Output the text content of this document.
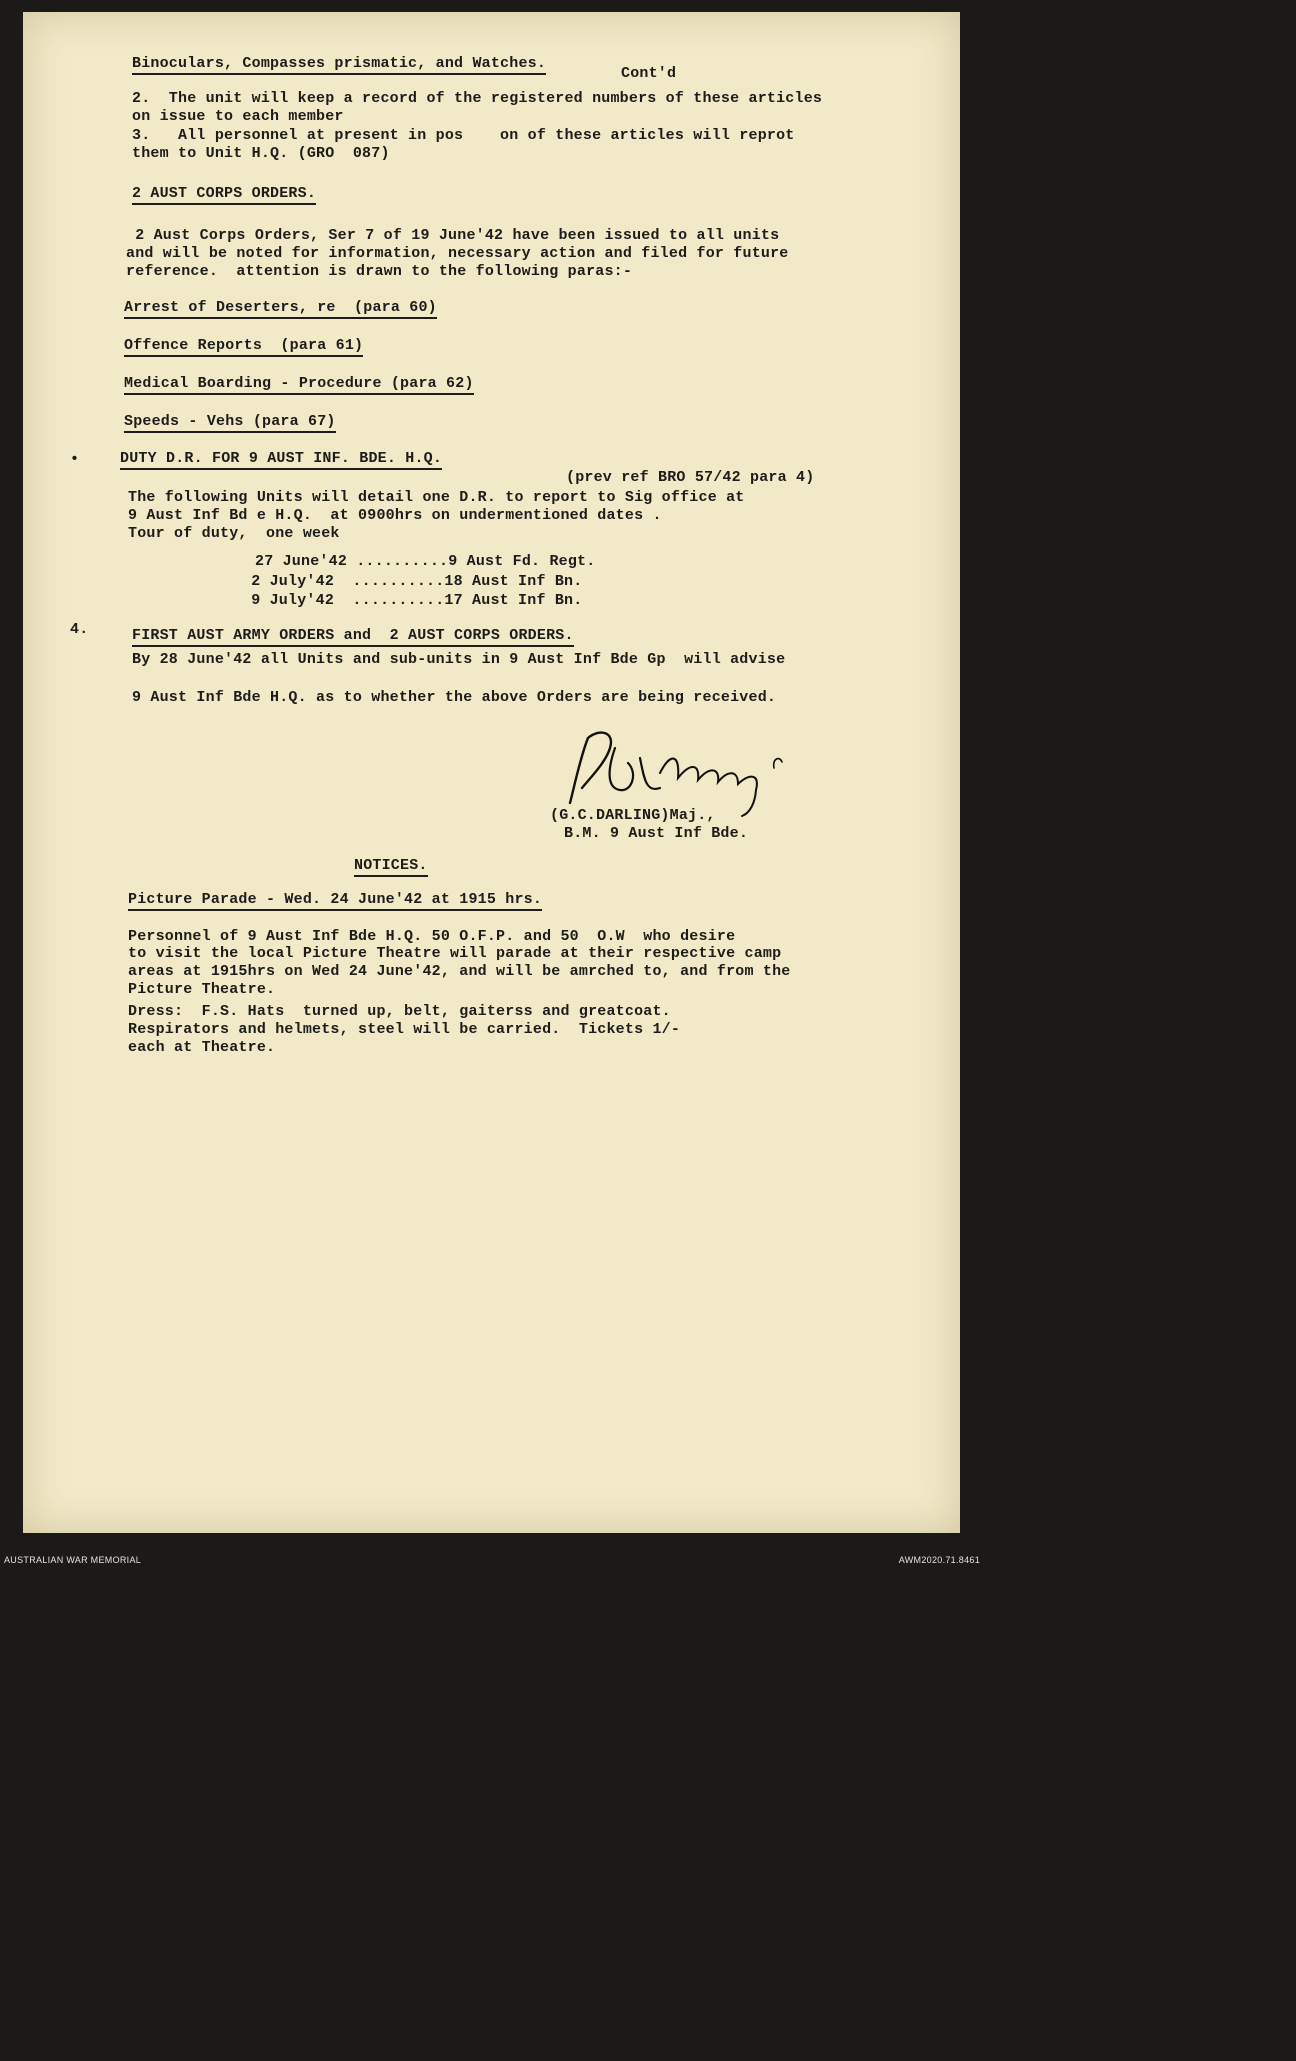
Binoculars, Compasses prismatic, and Watches.
Cont'd
2.  The unit will keep a record of the registered numbers of these articles
on issue to each member
3.   All personnel at present in pos    on of these articles will reprot
them to Unit H.Q. (GRO  087)
2 AUST CORPS ORDERS.
2 Aust Corps Orders, Ser 7 of 19 June'42 have been issued to all units
and will be noted for information, necessary action and filed for future
reference.  attention is drawn to the following paras:-
Arrest of Deserters, re  (para 60)
Offence Reports  (para 61)
Medical Boarding - Procedure (para 62)
Speeds - Vehs (para 67)
•	DUTY D.R. FOR 9 AUST INF. BDE. H.Q.
(prev ref BRO 57/42 para 4)
The following Units will detail one D.R. to report to Sig office at
9 Aust Inf Bd e H.Q.  at 0900hrs on undermentioned dates .
Tour of duty,  one week
27 June'42 ..........9 Aust Fd. Regt.
2 July'42  ..........18 Aust Inf Bn.
9 July'42  ..........17 Aust Inf Bn.
4.	FIRST AUST ARMY ORDERS and  2 AUST CORPS ORDERS.
By 28 June'42 all Units and sub-units in 9 Aust Inf Bde Gp  will advise
9 Aust Inf Bde H.Q. as to whether the above Orders are being received.
(G.C.DARLING)Maj.,
B.M. 9 Aust Inf Bde.
NOTICES.
Picture Parade - Wed. 24 June'42 at 1915 hrs.
Personnel of 9 Aust Inf Bde H.Q. 50 O.F.P. and 50  O.W  who desire
to visit the local Picture Theatre will parade at their respective camp
areas at 1915hrs on Wed 24 June'42, and will be amrched to, and from the
Picture Theatre.
Dress:  F.S. Hats  turned up, belt, gaiterss and greatcoat.
Respirators and helmets, steel will be carried.  Tickets 1/-
each at Theatre.
AUSTRALIAN WAR MEMORIAL	AWM2020.71.8461
